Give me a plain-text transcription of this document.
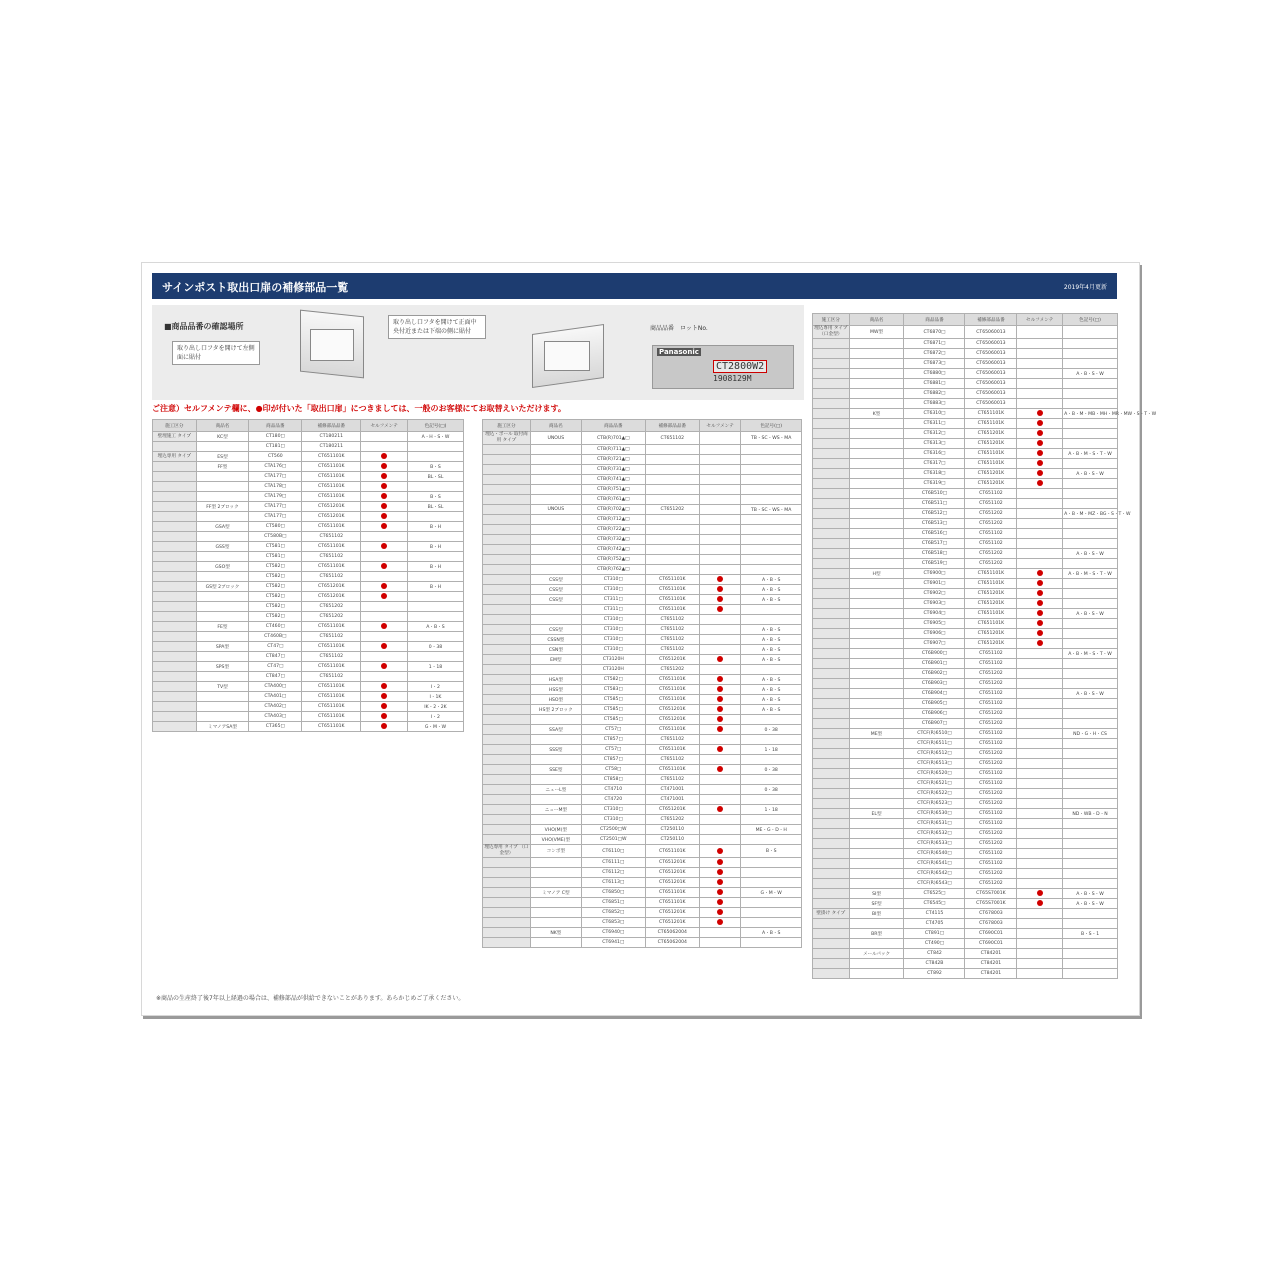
サインポスト取出口扉の補修部品一覧	2019年4月更新
■商品品番の確認場所
取り出し口フタを開けて左側面に貼付
取り出し口フタを開けて正面中央付近または下端の側に貼付	商品品番　ロットNo.
Panasonic
CT2800W2
1908129M
ご注意）セルフメンテ欄に、●印が付いた「取出口扉」につきましては、一般のお客様にてお取替えいただけます。
施工区分	商品名	商品品番	補修部品品番	セルフメンテ	色記号(□)
壁埋施工 タイプ	KC型	CT180□	CT180211		A・H・S・W
		CT181□	CT180211		
埋込専用 タイプ	ES型	CT560	CT651101K		
	FF型	CTA176□	CT651101K		B・S
		CTA177□	CT651101K		BL・SL
		CTA178□	CT651101K		
		CTA179□	CT651101K		B・S
	FF型 2ブロック	CTA177□	CT651201K		BL・SL
		CTA177□	CT651201K		
	GSA型	CT580□	CT651101K		B・H
		CT580B□	CT651102		
	GSS型	CT581□	CT651101K		B・H
		CT581□	CT651102		
	GSO型	CT582□	CT651101K		B・H
		CT582□	CT651102		
	GS型 2ブロック	CT582□	CT651201K		B・H
		CT582□	CT651201K		
		CT582□	CT651202		
		CT582□	CT651202		
	FE型	CT460□	CT651101K		A・B・S
		CT460B□	CT651102		
	SPA型	CT47□	CT651101K		0・38
		CT847□	CT651102		
	SPS型	CT47□	CT651101K		1・18
		CT847□	CT651102		
	TV型	CTA400□	CT651101K		I・2
		CTA401□	CT651101K		I・1K
		CTA402□	CT651101K		IK・2・2K
		CTA403□	CT651101K		I・2
	ミマノアSA型	CT365□	CT651101K		G・M・W
施工区分	商品名	商品品番	補修部品品番	セルフメンテ	色記号(□)
埋込・ポール 取付両用 タイプ	UNOUS	CTB(R)701▲□	CT651102		TB・SC・WS・MA
		CTB(R)711▲□			
		CTB(R)721▲□			
		CTB(R)731▲□			
		CTB(R)741▲□			
		CTB(R)751▲□			
		CTB(R)761▲□			
	UNOUS	CTB(R)702▲□	CT651202		TB・SC・WS・MA
		CTB(R)712▲□			
		CTB(R)722▲□			
		CTB(R)732▲□			
		CTB(R)742▲□			
		CTB(R)752▲□			
		CTB(R)762▲□			
	CSS型	CT310□	CT651101K		A・B・S
	CSS型	CT310□	CT651101K		A・B・S
	CSS型	CT311□	CT651101K		A・B・S
		CT311□	CT651101K		
		CT310□	CT651102		
	CSS型	CT310□	CT651102		A・B・S
	CSSN型	CT310□	CT651102		A・B・S
	CSN型	CT310□	CT651102		A・B・S
	EM型	CT3120H	CT651201K		A・B・S
		CT3120H	CT651202		
	HSA型	CT582□	CT651101K		A・B・S
	HSS型	CT583□	CT651101K		A・B・S
	HSO型	CT585□	CT651101K		A・B・S
	HS型 2ブロック	CT585□	CT651201K		A・B・S
		CT585□	CT651201K		
	SSA型	CT57□	CT651101K		0・38
		CT857□	CT651102		
	SSS型	CT57□	CT651101K		1・18
		CT857□	CT651102		
	SSE型	CT58□	CT651101K		0・38
		CT858□	CT651102		
	ニューL型	CT4710	CT471001		0・38
		CT4720	CT471001		
	ニューM型	CT310□	CT651201K		1・18
		CT310□	CT651202		
	VHO(M)型	CT2500□W	CT250110		ME・G・D・H
	VHO(VME)型	CT2501□W	CT250110		
埋込専用 タイプ （口金型）	コンボ型	CT6110□	CT651101K		B・S
		CT6111□	CT651201K		
		CT6112□	CT651201K		
		CT6113□	CT651201K		
	ミマノア C型	CT6850□	CT651101K		G・M・W
		CT6851□	CT651101K		
		CT6852□	CT651201K		
		CT6853□	CT651201K		
	NK型	CT6940□	CT65062004		A・B・S
		CT6941□	CT65062004		
施工区分	商品名	商品品番	補修部品品番	セルフメンテ	色記号(□)
埋込専用 タイプ （口金型）	MW型	CT6870□	CT65060013		
		CT6871□	CT65060013		
		CT6872□	CT65060013		
		CT6873□	CT65060013		
		CT6880□	CT65060013		A・B・S・W
		CT6881□	CT65060013		
		CT6882□	CT65060013		
		CT6883□	CT65060013		
	K型	CT6310□	CT651101K		A・B・M・MB・MH・MR・MW・S・T・W
		CT6311□	CT651101K		
		CT6312□	CT651201K		
		CT6313□	CT651201K		
		CT6316□	CT651101K		A・B・M・S・T・W
		CT6317□	CT651101K		
		CT6318□	CT651201K		A・B・S・W
		CT6319□	CT651201K		
		CT6B510□	CT651102		
		CT6B511□	CT651102		
		CT6B512□	CT651202		A・B・M・MZ・BG・S・T・W
		CT6B513□	CT651202		
		CT6B516□	CT651102		
		CT6B517□	CT651102		
		CT6B518□	CT651202		A・B・S・W
		CT6B519□	CT651202		
	H型	CT6900□	CT651101K		A・B・M・S・T・W
		CT6901□	CT651101K		
		CT6902□	CT651201K		
		CT6903□	CT651201K		
		CT6904□	CT651101K		A・B・S・W
		CT6905□	CT651101K		
		CT6906□	CT651201K		
		CT6907□	CT651201K		
		CT6B900□	CT651102		A・B・M・S・T・W
		CT6B901□	CT651102		
		CT6B902□	CT651202		
		CT6B903□	CT651202		
		CT6B904□	CT651102		A・B・S・W
		CT6B905□	CT651102		
		CT6B906□	CT651202		
		CT6B907□	CT651202		
	ME型	CTCF(R)6510□	CT651102		ND・G・H・CS
		CTCF(R)6511□	CT651102		
		CTCF(R)6512□	CT651202		
		CTCF(R)6513□	CT651202		
		CTCF(R)6520□	CT651102		
		CTCF(R)6521□	CT651102		
		CTCF(R)6522□	CT651202		
		CTCF(R)6523□	CT651202		
	EL型	CTCF(R)6530□	CT651102		ND・WB・D・N
		CTCF(R)6531□	CT651102		
		CTCF(R)6532□	CT651202		
		CTCF(R)6533□	CT651202		
		CTCF(R)6540□	CT651102		
		CTCF(R)6541□	CT651102		
		CTCF(R)6542□	CT651202		
		CTCF(R)6543□	CT651202		
	SI型	CT6525□	CT65S7001K		A・B・S・W
	SF型	CT6545□	CT65S7001K		A・B・S・W
壁掛け タイプ	BI型	CT4115	CT678003		
		CT4705	CT678003		
	BR型	CT891□	CT690C01		B・S・1
		CT490□	CT690C01		
	メールパック	CT842	CT84201		
		CT842B	CT84201		
		CT892	CT84201		
※商品の生産終了後7年以上経過の場合は、補修部品が供給できないことがあります。あらかじめご了承ください。
